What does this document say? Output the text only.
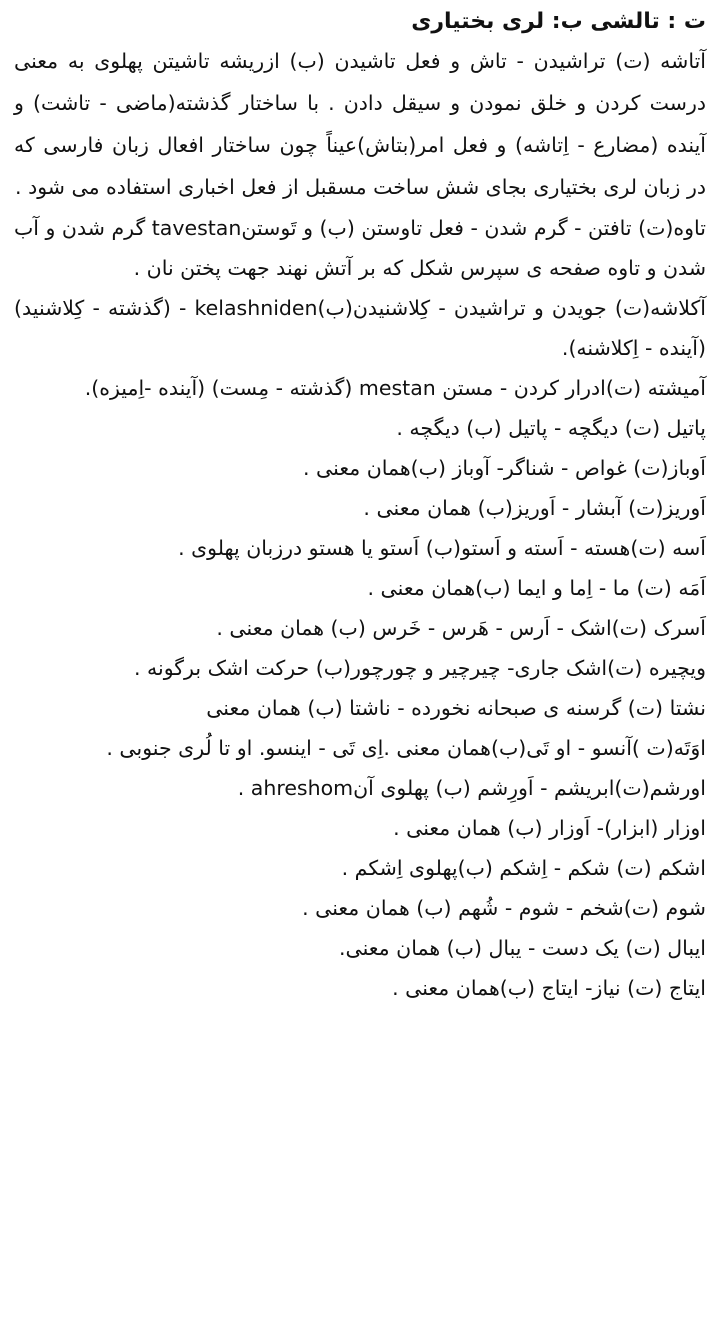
ت : تالشی ب: لری بختیاری

آتاشه (ت) تراشیدن - تاش و فعل تاشیدن (ب) ازریشه تاشیتن پهلوی به معنی درست کردن و خلق نمودن و سیقل دادن . با ساختار گذشته(ماضی - تاشت) و آینده (مضارع - اِتاشه) و فعل امر(بتاش)عیناً چون ساختار افعال زبان فارسی که در زبان لری بختیاری بجای شش ساخت مسقبل از فعل اخباری استفاده می شود .

تاوه(ت) تافتن - گرم شدن - فعل تاوستن (ب) و تَوستنtavestan گرم شدن و آب شدن و تاوه صفحه ی سپرس شکل که بر آتش نهند جهت پختن نان .

آکلاشه(ت) جویدن و تراشیدن - کِلاشنیدن(ب)kelashniden - (گذشته - کِلاشنید)(آینده - اِکلاشنه).

آمیشته (ت)ادرار کردن - مستن mestan (گذشته - مِست) (آینده -اِمیزه).

پاتیل (ت) دیگچه - پاتیل (ب) دیگچه .

اَوباز(ت) غواص - شناگر- آوباز (ب)همان معنی .

اَوریز(ت) آبشار - اَوریز(ب) همان معنی .

اَسه (ت)هسته - اَسته و اَستو(ب) اَستو یا هستو درزبان پهلوی .

اَمَه (ت) ما - اِما و ایما (ب)همان معنی .

اَسرک (ت)اشک - اَرس - هَرس - خَرس (ب) همان معنی .

ویچیره (ت)اشک جاری- چیرچیر و چورچور(ب) حرکت اشک برگونه .

نشتا (ت) گرسنه ی صبحانه نخورده - ناشتا (ب) همان معنی

اوَتَه(ت )آنسو - او تَی(ب)همان معنی .اِی تَی - اینسو. او تا لُری جنوبی .

اورشم(ت)ابریشم - اَورِشم (ب) پهلوی آنahreshom .

اوزار (ابزار)- اَوزار (ب) همان معنی .

اشکم (ت) شکم - اِشکم (ب)پهلوی اِشکم .

شوم (ت)شخم - شوم - شُهم (ب) همان معنی .

ایبال (ت) یک دست - یبال (ب) همان معنی.

ایتاج (ت) نیاز- ایتاج (ب)همان معنی .
